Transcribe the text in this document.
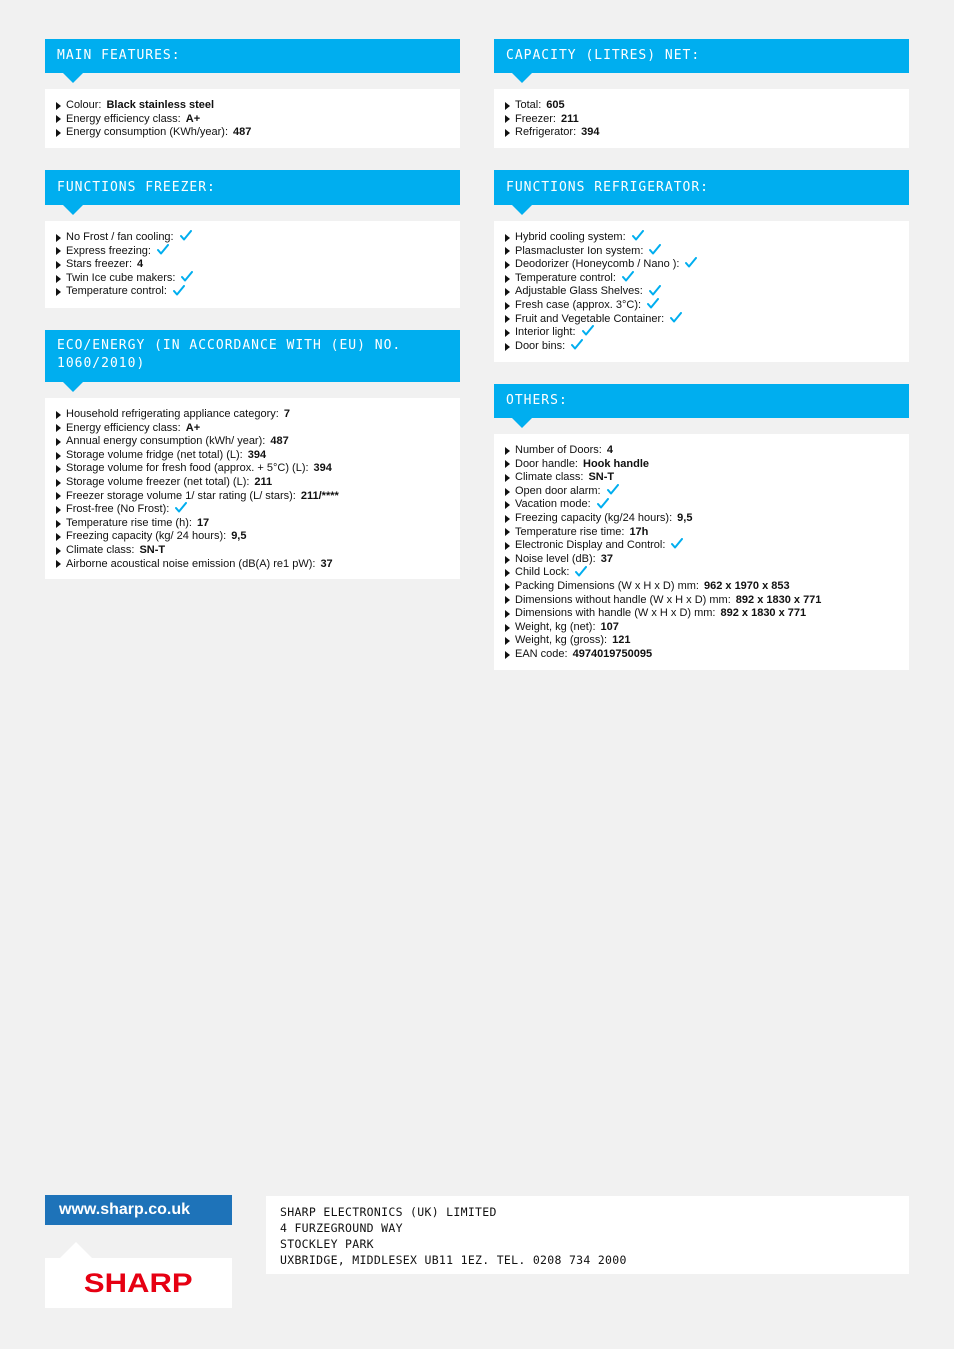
MAIN FEATURES:
Colour: Black stainless steel
Energy efficiency class: A+
Energy consumption (KWh/year): 487
CAPACITY (LITRES) NET:
Total: 605
Freezer: 211
Refrigerator: 394
FUNCTIONS FREEZER:
No Frost / fan cooling:
Express freezing:
Stars freezer: 4
Twin Ice cube makers:
Temperature control:
FUNCTIONS REFRIGERATOR:
Hybrid cooling system:
Plasmacluster Ion system:
Deodorizer (Honeycomb / Nano ):
Temperature control:
Adjustable Glass Shelves:
Fresh case (approx. 3°C):
Fruit and Vegetable Container:
Interior light:
Door bins:
ECO/ENERGY (IN ACCORDANCE WITH (EU) NO.
1060/2010)
Household refrigerating appliance category: 7
Energy efficiency class: A+
Annual energy consumption (kWh/ year): 487
Storage volume fridge (net total) (L): 394
Storage volume for fresh food (approx. + 5°C) (L): 394
Storage volume freezer (net total) (L): 211
Freezer storage volume 1/ star rating (L/ stars): 211/****
Frost-free (No Frost):
Temperature rise time (h): 17
Freezing capacity (kg/ 24 hours): 9,5
Climate class: SN-T
Airborne acoustical noise emission (dB(A) re1 pW): 37
OTHERS:
Number of Doors: 4
Door handle: Hook handle
Climate class: SN-T
Open door alarm:
Vacation mode:
Freezing capacity (kg/24 hours): 9,5
Temperature rise time: 17h
Electronic Display and Control:
Noise level (dB): 37
Child Lock:
Packing Dimensions (W x H x D) mm: 962 x 1970 x 853
Dimensions without handle (W x H x D) mm: 892 x 1830 x 771
Dimensions with handle (W x H x D) mm: 892 x 1830 x 771
Weight, kg (net): 107
Weight, kg (gross): 121
EAN code: 4974019750095
www.sharp.co.uk
SHARP
SHARP ELECTRONICS (UK) LIMITED
4 FURZEGROUND WAY
STOCKLEY PARK
UXBRIDGE, MIDDLESEX UB11 1EZ. TEL. 0208 734 2000
